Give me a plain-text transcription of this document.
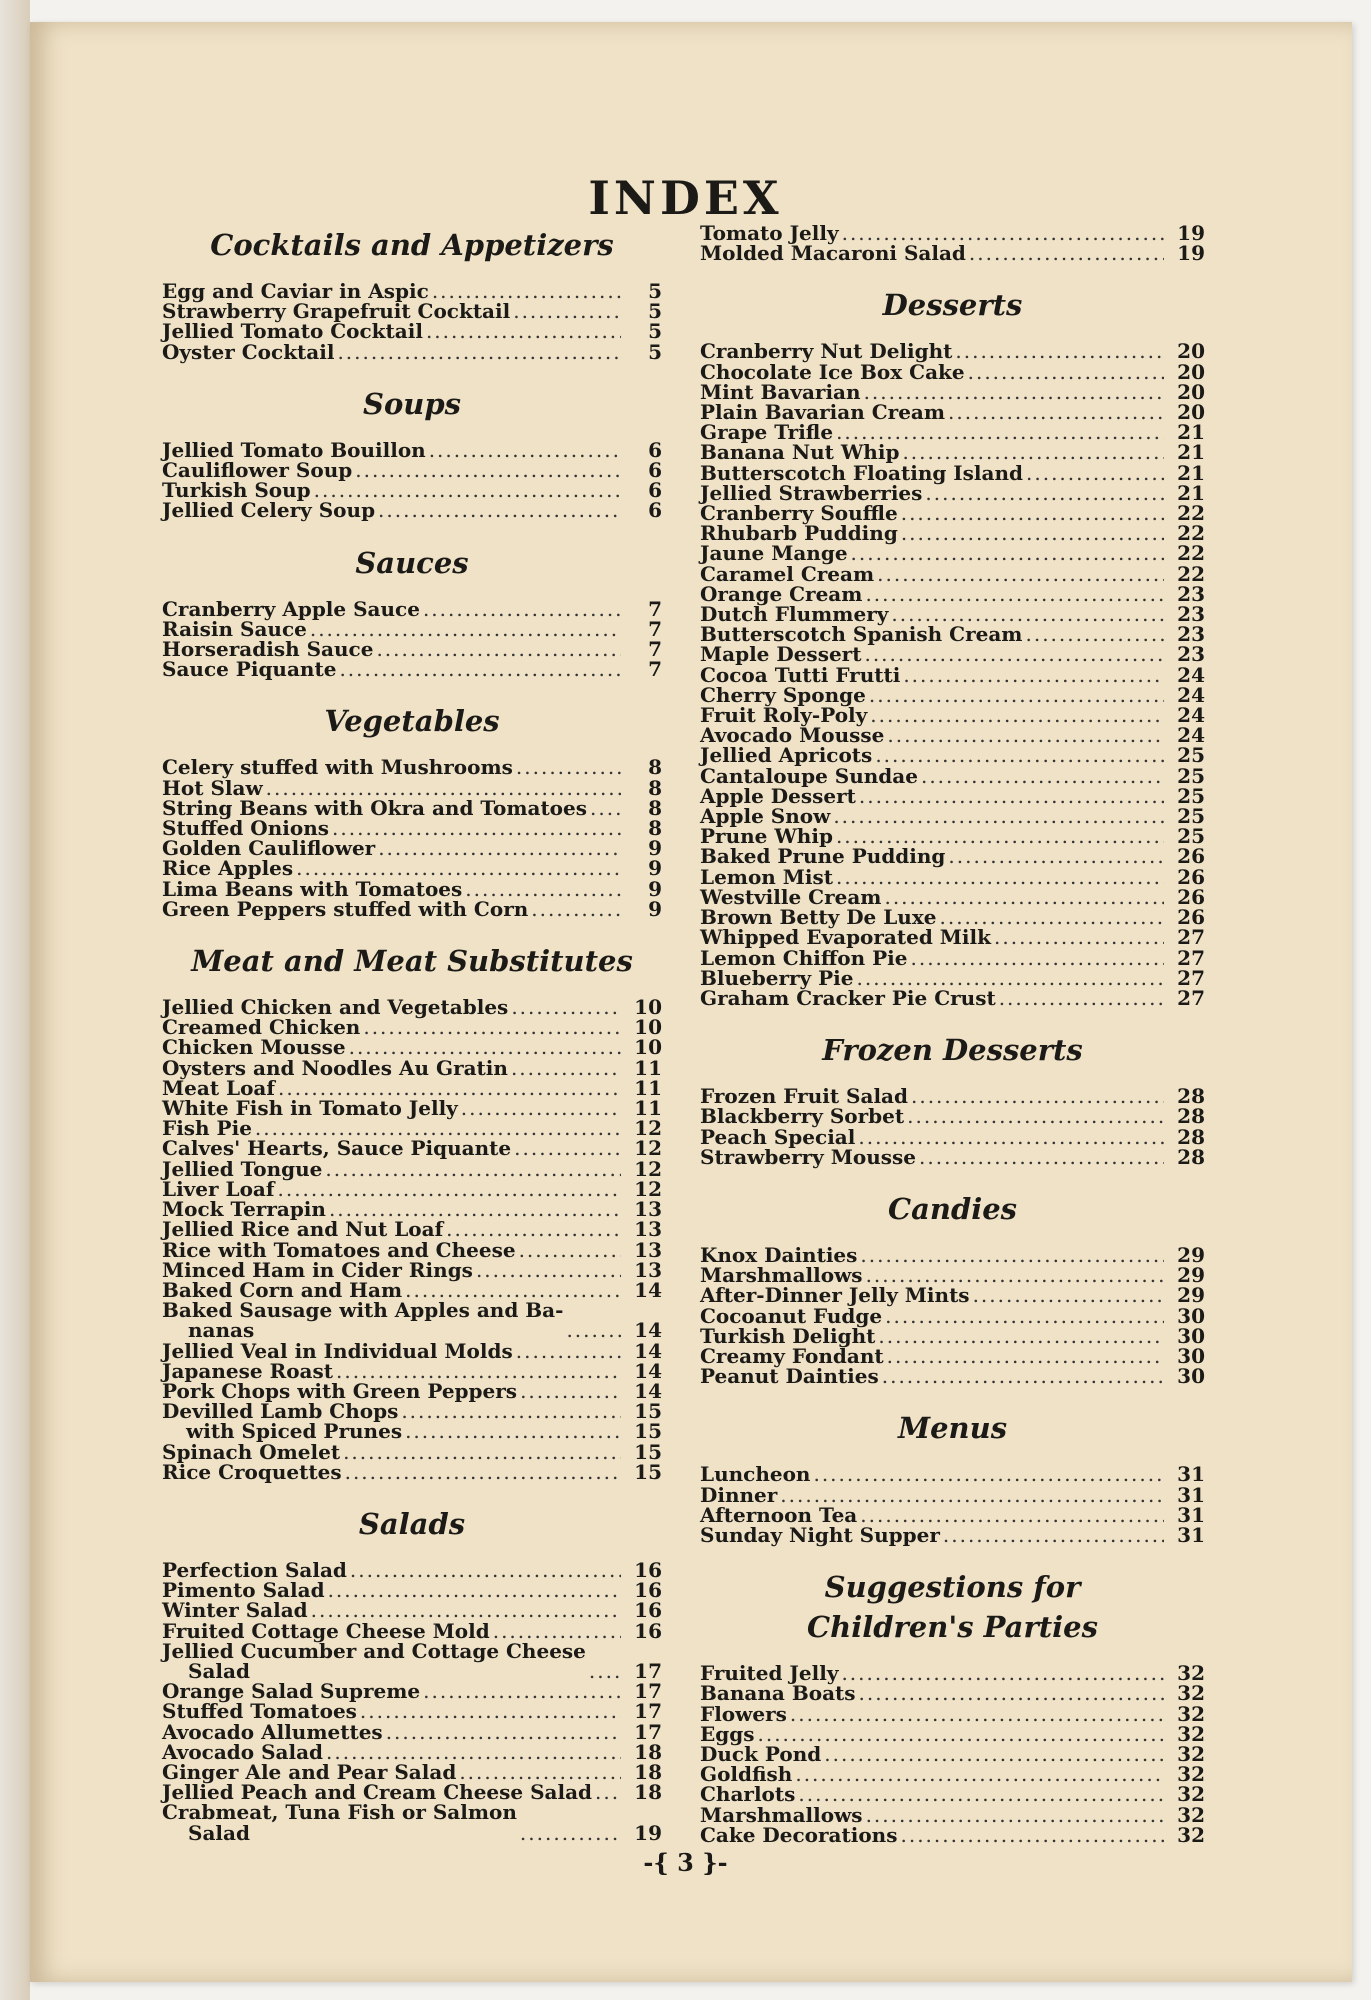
INDEX
Cocktails and Appetizers
Egg and Caviar in Aspic .....	5
Strawberry Grapefruit Cocktail .....	5
Jellied Tomato Cocktail .....	5
Oyster Cocktail .....	5
Soups
Jellied Tomato Bouillon .....	6
Cauliflower Soup .....	6
Turkish Soup .....	6
Jellied Celery Soup .....	6
Sauces
Cranberry Apple Sauce .....	7
Raisin Sauce .....	7
Horseradish Sauce .....	7
Sauce Piquante .....	7
Vegetables
Celery stuffed with Mushrooms .....	8
Hot Slaw .....	8
String Beans with Okra and Tomatoes .....	8
Stuffed Onions .....	8
Golden Cauliflower .....	9
Rice Apples .....	9
Lima Beans with Tomatoes .....	9
Green Peppers stuffed with Corn .....	9
Meat and Meat Substitutes
Jellied Chicken and Vegetables .....	10
Creamed Chicken .....	10
Chicken Mousse .....	10
Oysters and Noodles Au Gratin .....	11
Meat Loaf .....	11
White Fish in Tomato Jelly .....	11
Fish Pie .....	12
Calves' Hearts, Sauce Piquante .....	12
Jellied Tongue .....	12
Liver Loaf .....	12
Mock Terrapin .....	13
Jellied Rice and Nut Loaf .....	13
Rice with Tomatoes and Cheese .....	13
Minced Ham in Cider Rings .....	13
Baked Corn and Ham .....	14
Baked Sausage with Apples and Ba-
nanas .....	14
Jellied Veal in Individual Molds .....	14
Japanese Roast .....	14
Pork Chops with Green Peppers .....	14
Devilled Lamb Chops .....	15
with Spiced Prunes .....	15
Spinach Omelet .....	15
Rice Croquettes .....	15
Salads
Perfection Salad .....	16
Pimento Salad .....	16
Winter Salad .....	16
Fruited Cottage Cheese Mold .....	16
Jellied Cucumber and Cottage Cheese
Salad .....	17
Orange Salad Supreme .....	17
Stuffed Tomatoes .....	17
Avocado Allumettes .....	17
Avocado Salad .....	18
Ginger Ale and Pear Salad .....	18
Jellied Peach and Cream Cheese Salad .....	18
Crabmeat, Tuna Fish or Salmon
Salad .....	19
Tomato Jelly .....	19
Molded Macaroni Salad .....	19
Desserts
Cranberry Nut Delight .....	20
Chocolate Ice Box Cake .....	20
Mint Bavarian .....	20
Plain Bavarian Cream .....	20
Grape Trifle .....	21
Banana Nut Whip .....	21
Butterscotch Floating Island .....	21
Jellied Strawberries .....	21
Cranberry Souffle .....	22
Rhubarb Pudding .....	22
Jaune Mange .....	22
Caramel Cream .....	22
Orange Cream .....	23
Dutch Flummery .....	23
Butterscotch Spanish Cream .....	23
Maple Dessert .....	23
Cocoa Tutti Frutti .....	24
Cherry Sponge .....	24
Fruit Roly-Poly .....	24
Avocado Mousse .....	24
Jellied Apricots .....	25
Cantaloupe Sundae .....	25
Apple Dessert .....	25
Apple Snow .....	25
Prune Whip .....	25
Baked Prune Pudding .....	26
Lemon Mist .....	26
Westville Cream .....	26
Brown Betty De Luxe .....	26
Whipped Evaporated Milk .....	27
Lemon Chiffon Pie .....	27
Blueberry Pie .....	27
Graham Cracker Pie Crust .....	27
Frozen Desserts
Frozen Fruit Salad .....	28
Blackberry Sorbet .....	28
Peach Special .....	28
Strawberry Mousse .....	28
Candies
Knox Dainties .....	29
Marshmallows .....	29
After-Dinner Jelly Mints .....	29
Cocoanut Fudge .....	30
Turkish Delight .....	30
Creamy Fondant .....	30
Peanut Dainties .....	30
Menus
Luncheon .....	31
Dinner .....	31
Afternoon Tea .....	31
Sunday Night Supper .....	31
Suggestions for Children's Parties
Fruited Jelly .....	32
Banana Boats .....	32
Flowers .....	32
Eggs .....	32
Duck Pond .....	32
Goldfish .....	32
Charlots .....	32
Marshmallows .....	32
Cake Decorations .....	32
-{ 3 }-
